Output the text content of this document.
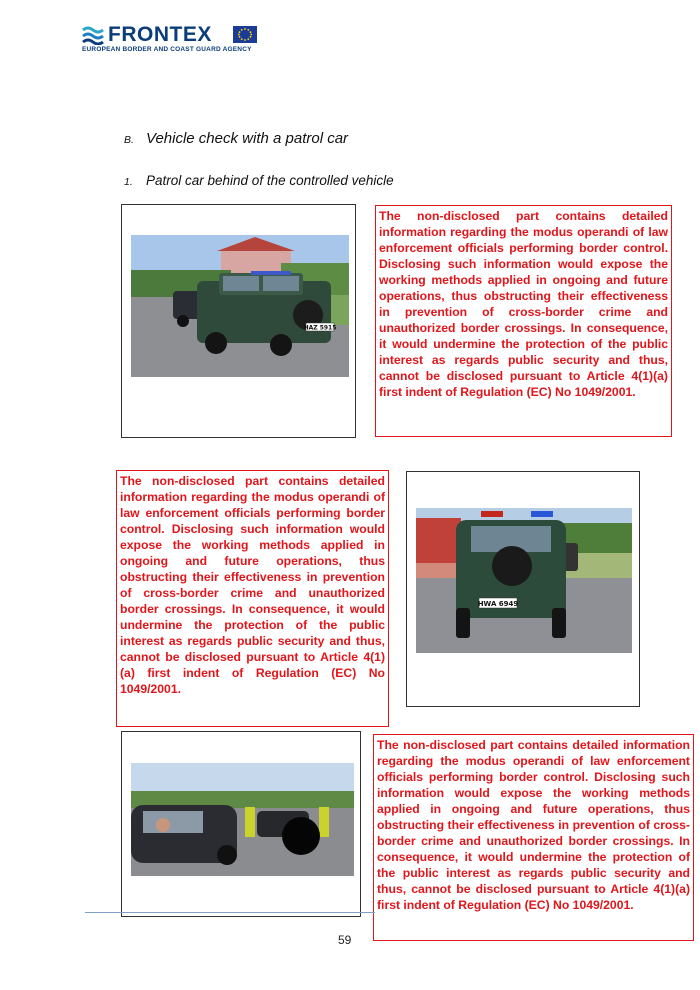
FRONTEX
EUROPEAN BORDER AND COAST GUARD AGENCY
B. Vehicle check with a patrol car
1. Patrol car behind of the controlled vehicle
HAZ 5915
The non-disclosed part contains detailed information regarding the modus operandi of law enforcement officials performing border control. Disclosing such information would expose the working methods applied in ongoing and future operations, thus obstructing their effectiveness in prevention of cross-border crime and unauthorized border crossings. In consequence, it would undermine the protection of the public interest as regards public security and thus, cannot be disclosed pursuant to Article 4(1)(a) first indent of Regulation (EC) No 1049/2001.
The non-disclosed part contains detailed information regarding the modus operandi of law enforcement officials performing border control. Disclosing such information would expose the working methods applied in ongoing and future operations, thus obstructing their effectiveness in prevention of cross-border crime and unauthorized border crossings. In consequence, it would undermine the protection of the public interest as regards public security and thus, cannot be disclosed pursuant to Article 4(1) (a) first indent of Regulation (EC) No 1049/2001.
HWA 6949
The non-disclosed part contains detailed information regarding the modus operandi of law enforcement officials performing border control. Disclosing such information would expose the working methods applied in ongoing and future operations, thus obstructing their effectiveness in prevention of cross-border crime and unauthorized border crossings. In consequence, it would undermine the protection of the public interest as regards public security and thus, cannot be disclosed pursuant to Article 4(1)(a) first indent of Regulation (EC) No 1049/2001.
59
